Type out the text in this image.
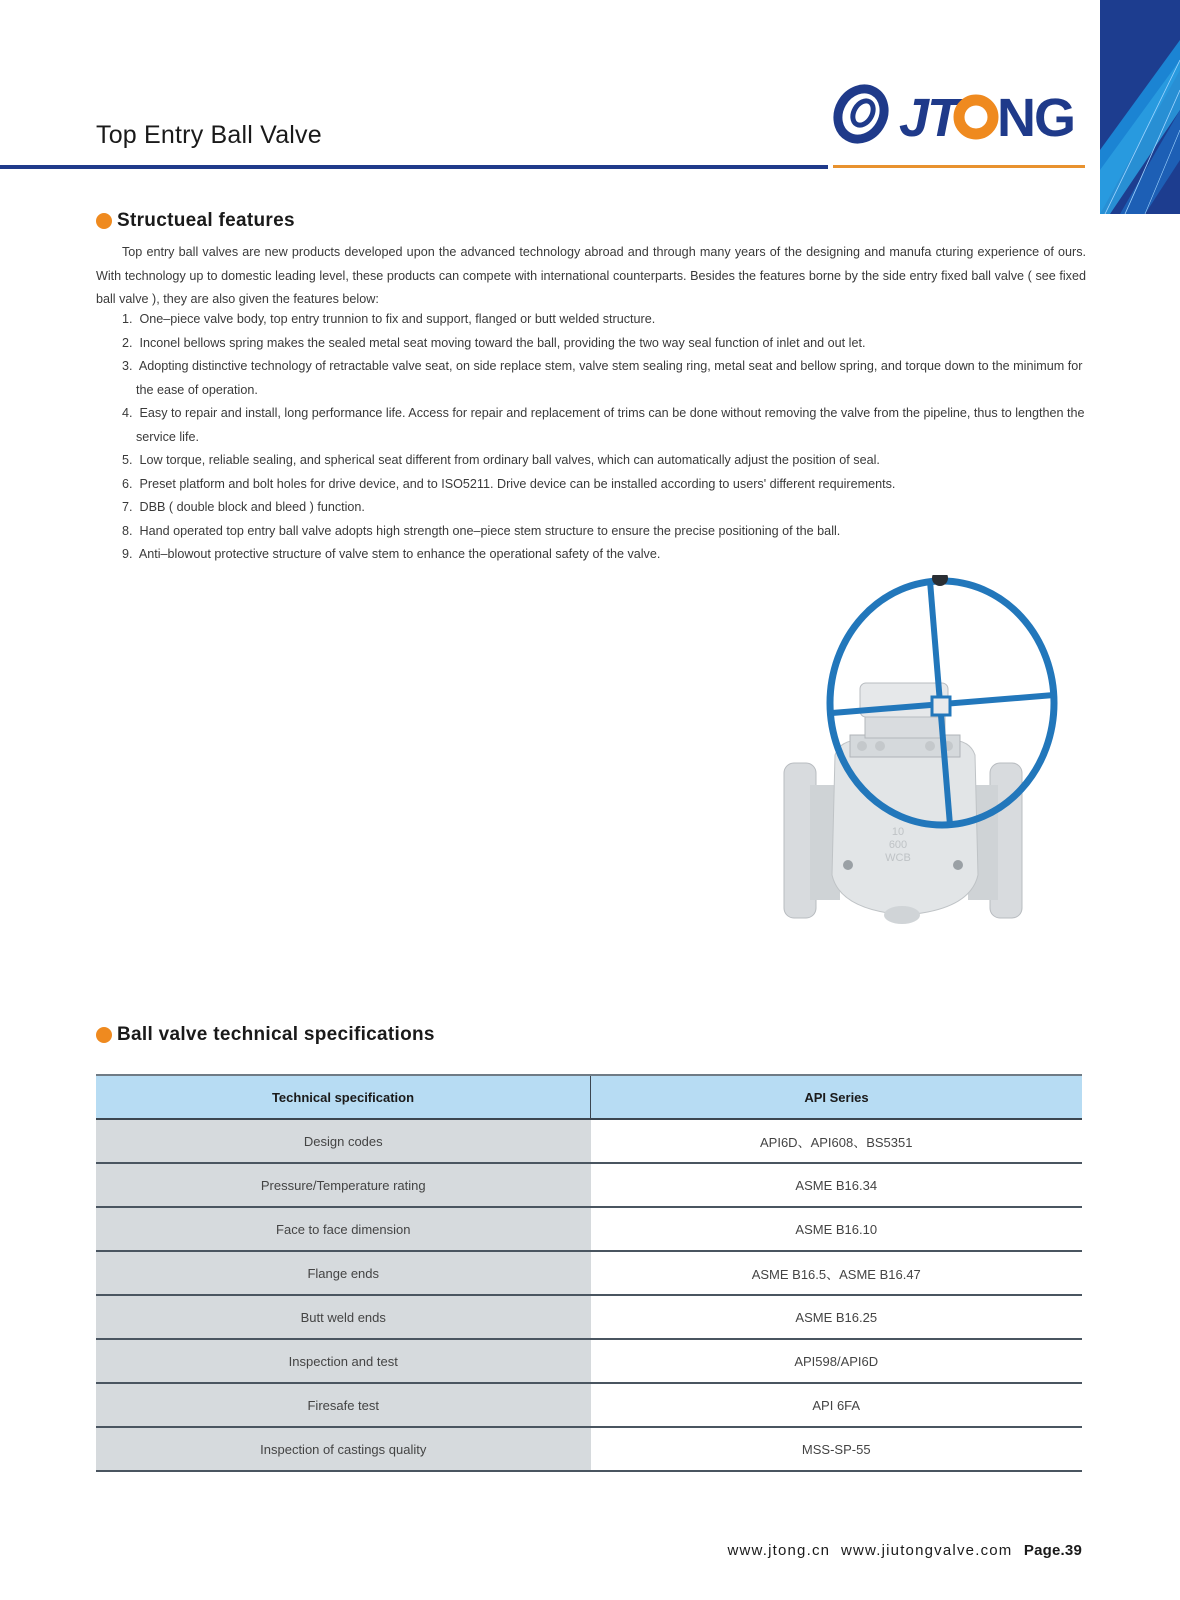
JT NG
Top Entry Ball Valve
Structueal features

Top entry ball valves are new products developed upon the advanced technology abroad and through many years of the designing and manufa cturing experience of ours. With technology up to domestic leading level, these products can compete with international counterparts. Besides the features borne by the side entry fixed ball valve ( see fixed ball valve ), they are also given the features below:

1. One–piece valve body, top entry trunnion to fix and support, flanged or butt welded structure.
2. Inconel bellows spring makes the sealed metal seat moving toward the ball, providing the two way seal function of inlet and out let.
3. Adopting distinctive technology of retractable valve seat, on side replace stem, valve stem sealing ring, metal seat and bellow spring, and torque down to the minimum for the ease of operation.
4. Easy to repair and install, long performance life. Access for repair and replacement of trims can be done without removing the valve from the pipeline, thus to lengthen the service life.
5. Low torque, reliable sealing, and spherical seat different from ordinary ball valves, which can automatically adjust the position of seal.
6. Preset platform and bolt holes for drive device, and to ISO5211. Drive device can be installed according to users' different requirements.
7. DBB ( double block and bleed ) function.
8. Hand operated top entry ball valve adopts high strength one–piece stem structure to ensure the precise positioning of the ball.
9. Anti–blowout protective structure of valve stem to enhance the operational safety of the valve.
10
600
WCB
Ball valve technical specifications
Technical specification	API Series
Design codes	API6D、API608、BS5351
Pressure/Temperature rating	ASME B16.34
Face to face dimension	ASME B16.10
Flange ends	ASME B16.5、ASME B16.47
Butt weld ends	ASME B16.25
Inspection and test	API598/API6D
Firesafe test	API 6FA
Inspection of castings quality	MSS-SP-55
www.jtong.cn  www.jiutongvalve.com Page.39
